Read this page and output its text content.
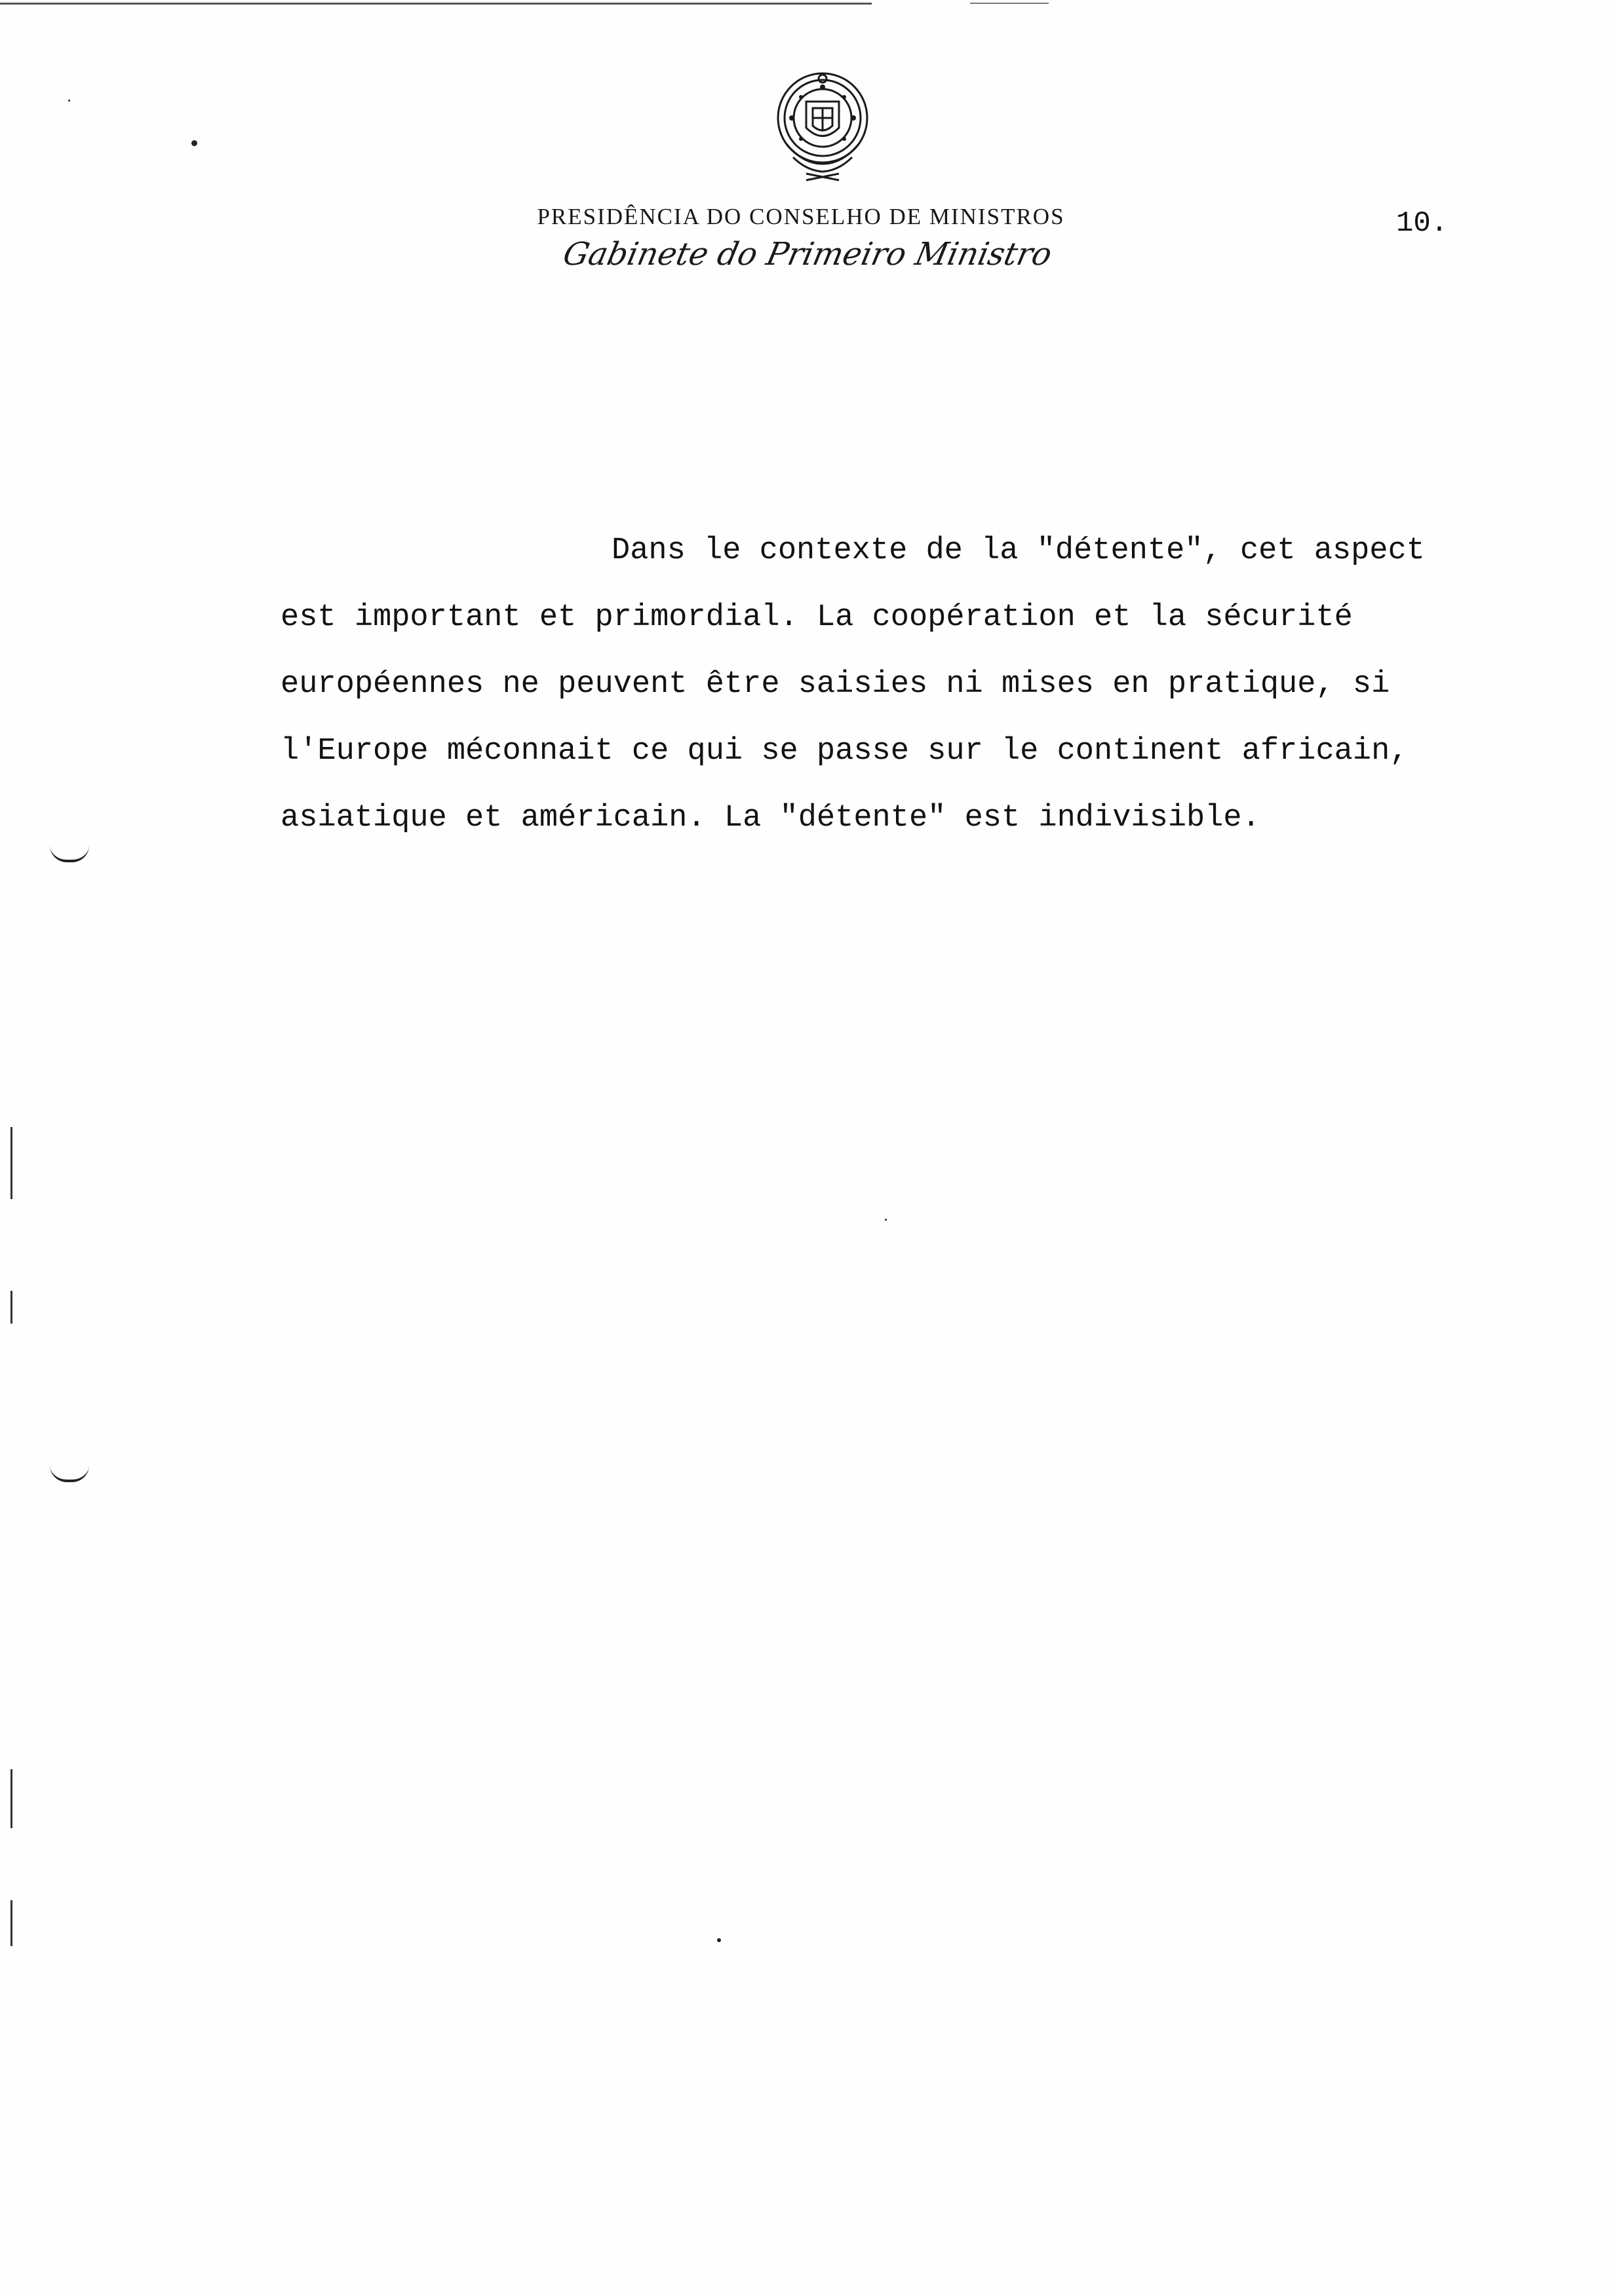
PRESIDÊNCIA DO CONSELHO DE MINISTROS
Gabinete do Primeiro Ministro
10.
Dans le contexte de la "détente", cet aspect
est important et primordial. La coopération et la sécurité
européennes ne peuvent être saisies ni mises en pratique, si
l'Europe méconnait ce qui se passe sur le continent africain,
asiatique et américain. La "détente" est indivisible.
